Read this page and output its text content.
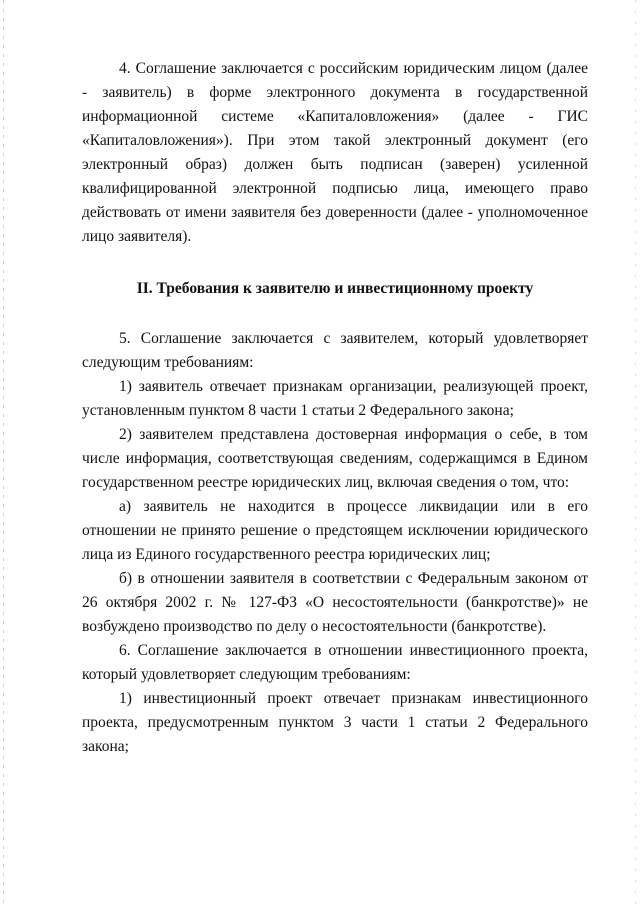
4. Соглашение заключается с российским юридическим лицом (далее - заявитель) в форме электронного документа в государственной информационной системе «Капиталовложения» (далее - ГИС «Капиталовложения»). При этом такой электронный документ (его электронный образ) должен быть подписан (заверен) усиленной квалифицированной электронной подписью лица, имеющего право действовать от имени заявителя без доверенности (далее - уполномоченное лицо заявителя).

II. Требования к заявителю и инвестиционному проекту

5. Соглашение заключается с заявителем, который удовлетворяет следующим требованиям:

1) заявитель отвечает признакам организации, реализующей проект, установленным пунктом 8 части 1 статьи 2 Федерального закона;

2) заявителем представлена достоверная информация о себе, в том числе информация, соответствующая сведениям, содержащимся в Едином государственном реестре юридических лиц, включая сведения о том, что:

а) заявитель не находится в процессе ликвидации или в его отношении не принято решение о предстоящем исключении юридического лица из Единого государственного реестра юридических лиц;

б) в отношении заявителя в соответствии с Федеральным законом от 26 октября 2002 г. № 127-ФЗ «О несостоятельности (банкротстве)» не возбуждено производство по делу о несостоятельности (банкротстве).

6. Соглашение заключается в отношении инвестиционного проекта, который удовлетворяет следующим требованиям:

1) инвестиционный проект отвечает признакам инвестиционного проекта, предусмотренным пунктом 3 части 1 статьи 2 Федерального закона;
